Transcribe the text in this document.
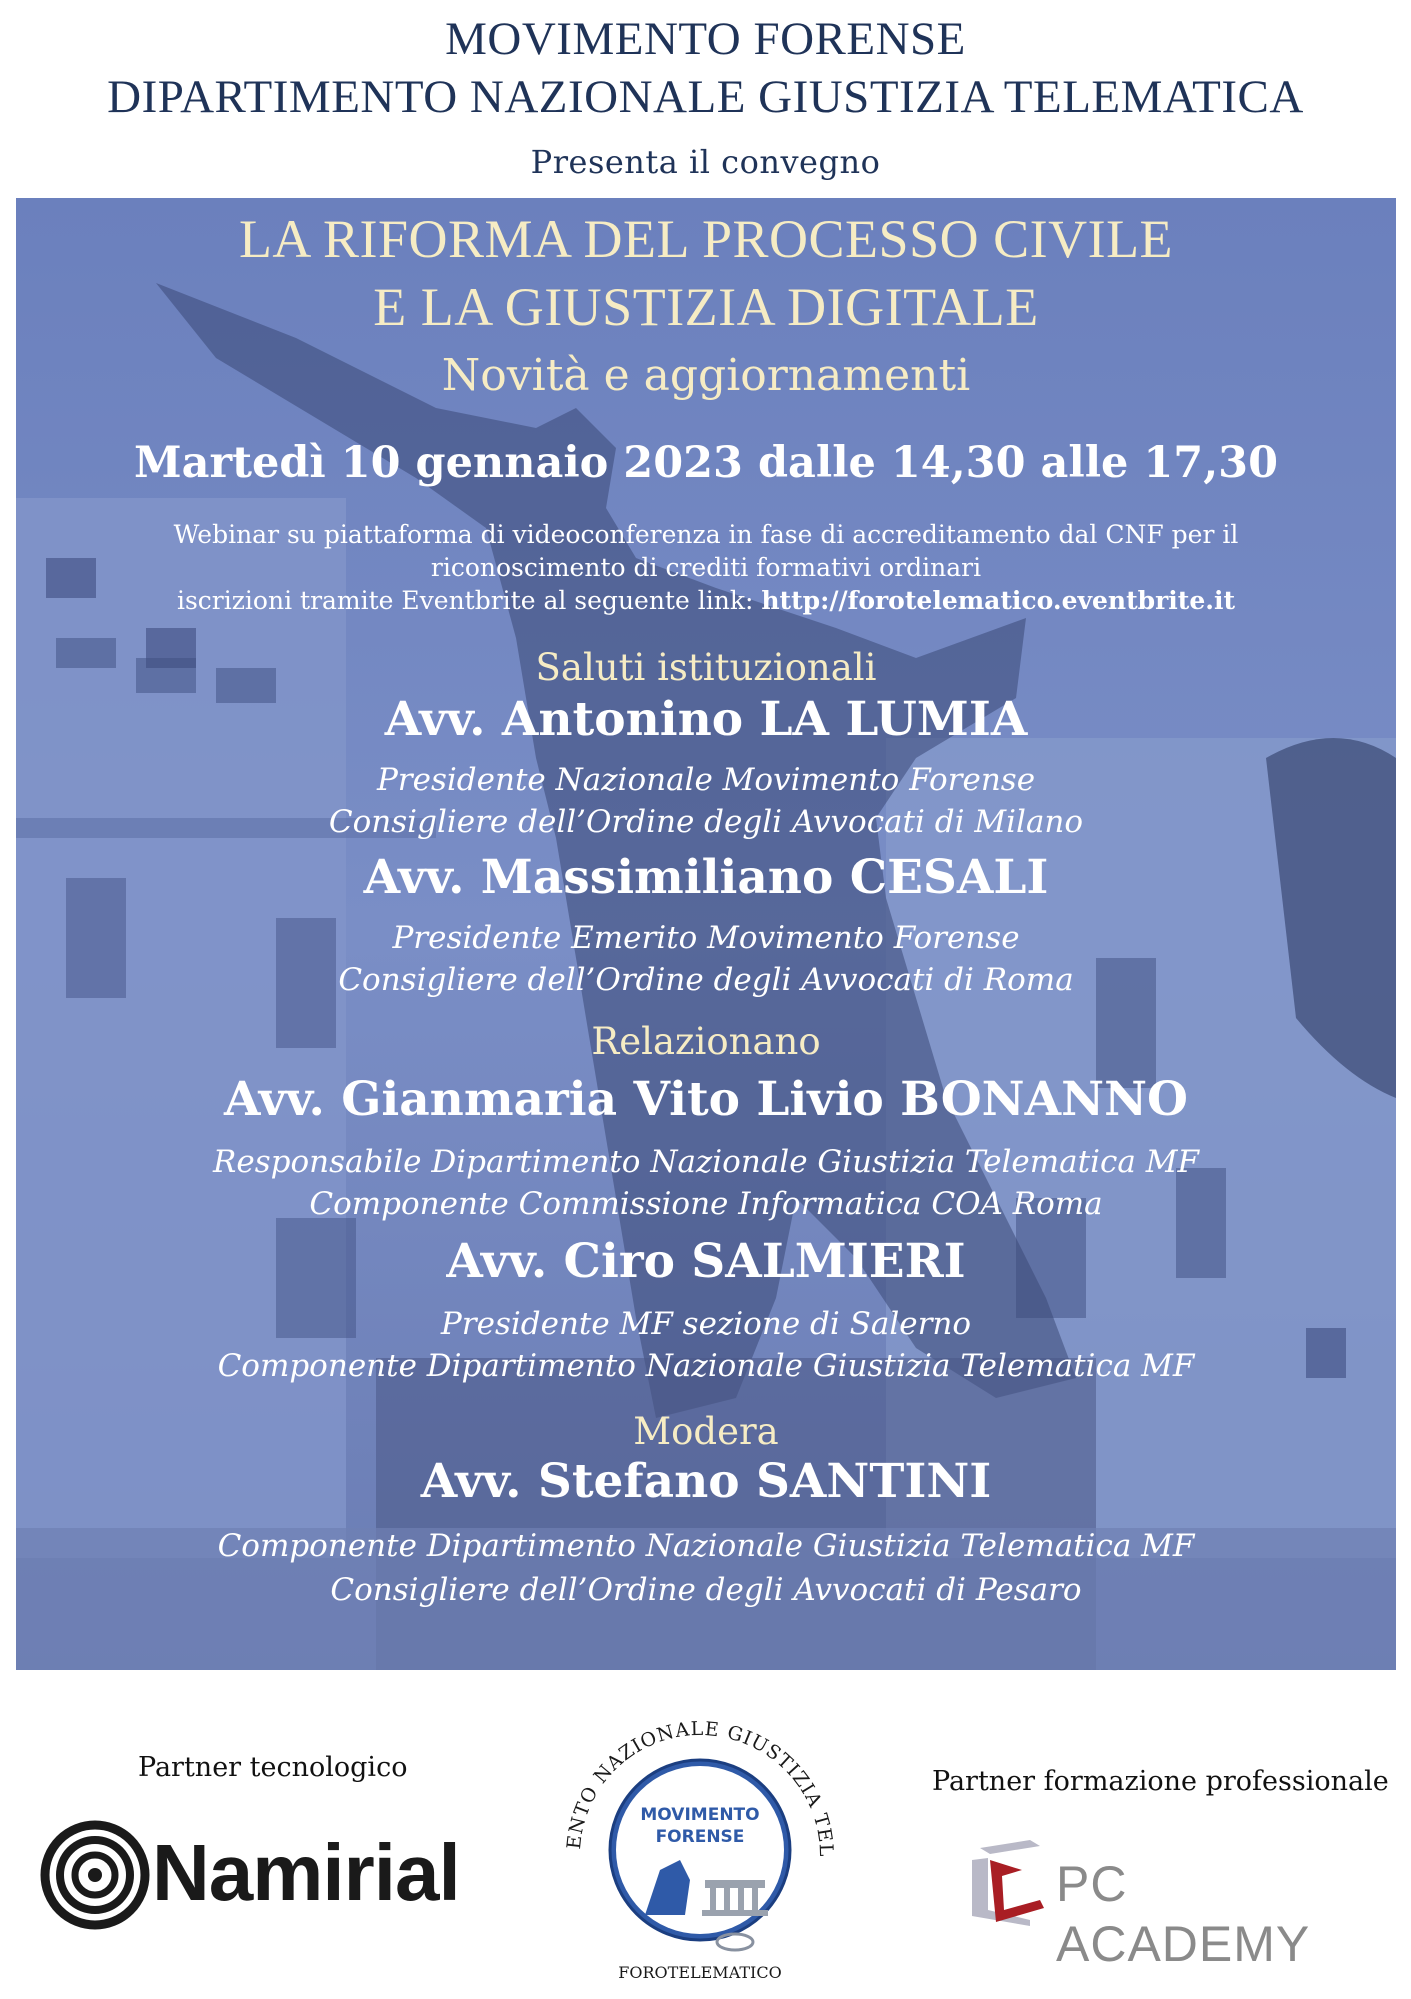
MOVIMENTO FORENSE
DIPARTIMENTO NAZIONALE GIUSTIZIA TELEMATICA
Presenta il convegno
LA RIFORMA DEL PROCESSO CIVILE
E LA GIUSTIZIA DIGITALE
Novità e aggiornamenti
Martedì 10 gennaio 2023 dalle 14,30 alle 17,30
Webinar su piattaforma di videoconferenza in fase di accreditamento dal CNF per il
riconoscimento di crediti formativi ordinari
iscrizioni tramite Eventbrite al seguente link: http://forotelematico.eventbrite.it
Saluti istituzionali
Avv. Antonino LA LUMIA
Presidente Nazionale Movimento Forense
Consigliere dell’Ordine degli Avvocati di Milano
Avv. Massimiliano CESALI
Presidente Emerito Movimento Forense
Consigliere dell’Ordine degli Avvocati di Roma
Relazionano
Avv. Gianmaria Vito Livio BONANNO
Responsabile Dipartimento Nazionale Giustizia Telematica MF
Componente Commissione Informatica COA Roma
Avv. Ciro SALMIERI
Presidente MF sezione di Salerno
Componente Dipartimento Nazionale Giustizia Telematica MF
Modera
Avv. Stefano SANTINI
Componente Dipartimento Nazionale Giustizia Telematica MF
Consigliere dell’Ordine degli Avvocati di Pesaro
Partner tecnologico
Namirial	ENTO NAZIONALE GIUSTIZIA TEL
MOVIMENTO
FORENSE
FOROTELEMATICO
Partner formazione professionale
PC ACADEMY
